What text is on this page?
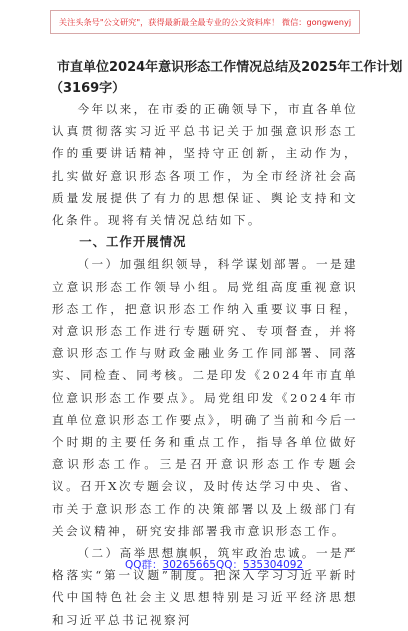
关注头条号"公文研究"，获得最新最全最专业的公文资料库！ 微信：gongwenyj
市直单位2024年意识形态工作情况总结及2025年工作计划
（3169字）

今年以来，在市委的正确领导下，市直各单位认真贯彻落实习近平总书记关于加强意识形态工作的重要讲话精神，坚持守正创新，主动作为，扎实做好意识形态各项工作，为全市经济社会高质量发展提供了有力的思想保证、舆论支持和文化条件。现将有关情况总结如下。

一、工作开展情况

（一）加强组织领导，科学谋划部署。一是建立意识形态工作领导小组。局党组高度重视意识形态工作，把意识形态工作纳入重要议事日程，对意识形态工作进行专题研究、专项督查，并将意识形态工作与财政金融业务工作同部署、同落实、同检查、同考核。二是印发《2024年市直单位意识形态工作要点》。局党组印发《2024年市直单位意识形态工作要点》，明确了当前和今后一个时期的主要任务和重点工作，指导各单位做好意识形态工作。三是召开意识形态工作专题会议。召开X次专题会议，及时传达学习中央、省、市关于意识形态工作的决策部署以及上级部门有关会议精神，研究安排部署我市意识形态工作。

（二）高举思想旗帜，筑牢政治忠诚。一是严格落实“第一议题”制度。把深入学习习近平新时代中国特色社会主义思想特别是习近平经济思想和习近平总书记视察河

QQ群：30265665 QQ：535304092
